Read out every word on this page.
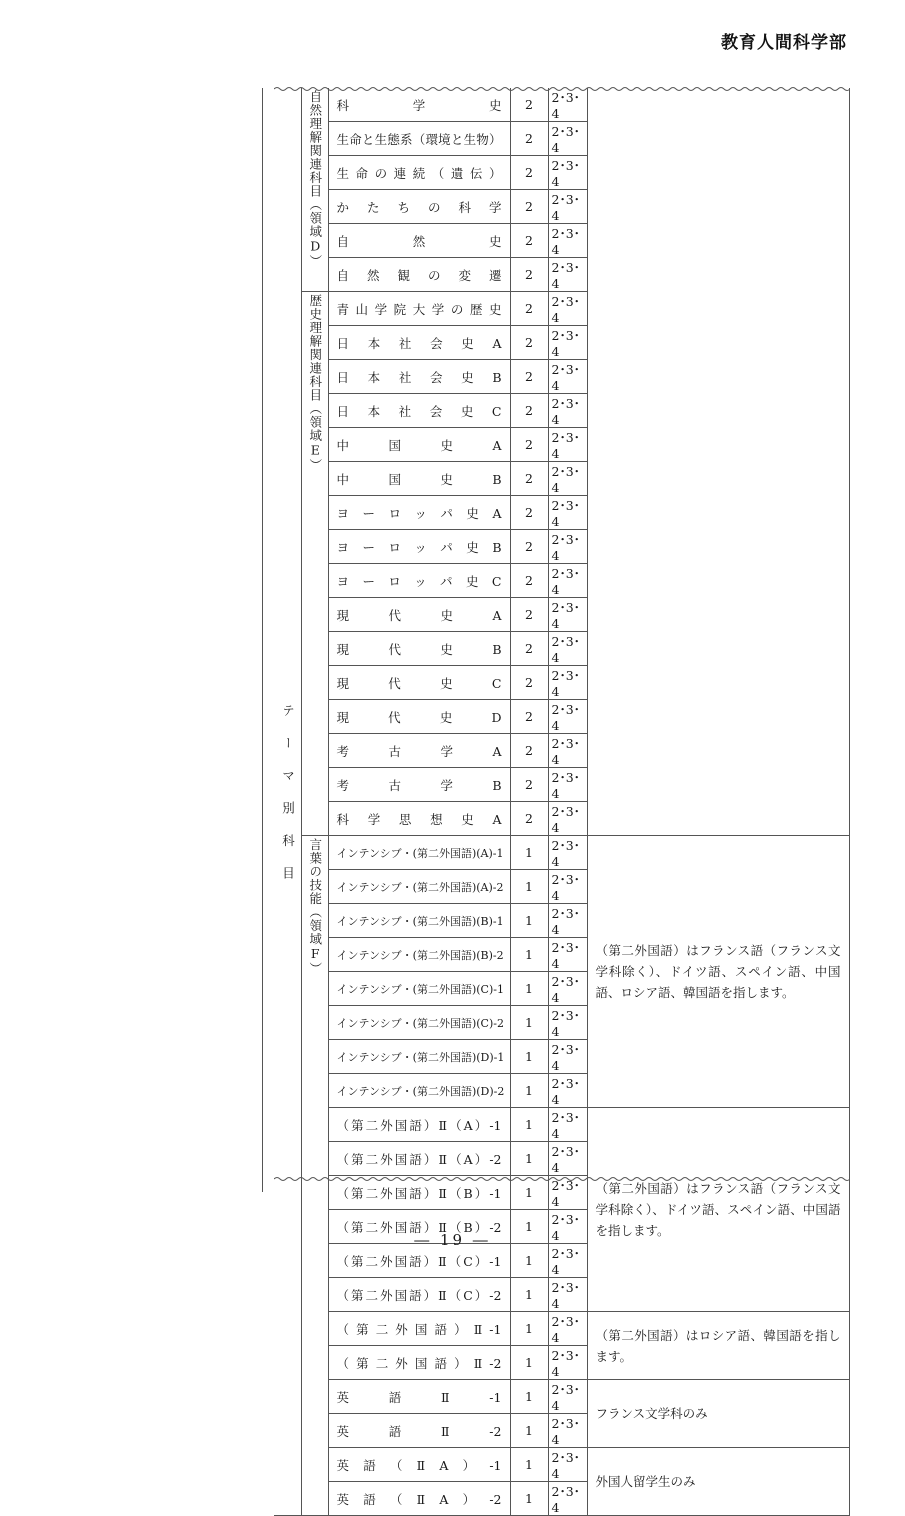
教育人間科学部
テーマ別科目	自然理解関連科目（領域D）	科学史	2	2･3･4	

		生命と生態系（環境と生物）	2	2･3･4	

		生命の連続（遺伝）	2	2･3･4	

		かたちの科学	2	2･3･4	

		自然史	2	2･3･4	

		自然観の変遷	2	2･3･4	

	歴史理解関連科目（領域E）	青山学院大学の歴史	2	2･3･4	

		日本社会史A	2	2･3･4	

		日本社会史B	2	2･3･4	

		日本社会史C	2	2･3･4	

		中国史A	2	2･3･4	

		中国史B	2	2･3･4	

		ヨーロッパ史A	2	2･3･4	

		ヨーロッパ史B	2	2･3･4	

		ヨーロッパ史C	2	2･3･4	

		現代史A	2	2･3･4	

		現代史B	2	2･3･4	

		現代史C	2	2･3･4	

		現代史D	2	2･3･4	

		考古学A	2	2･3･4	

		考古学B	2	2･3･4	

		科学思想史A	2	2･3･4	

	言葉の技能（領域F）	インテンシブ・(第二外国語)(A)-1	1	2･3･4	（第二外国語）はフランス語（フランス文学科除く）、ドイツ語、スペイン語、中国語、ロシア語、韓国語を指します。

		インテンシブ・(第二外国語)(A)-2	1	2･3･4	

		インテンシブ・(第二外国語)(B)-1	1	2･3･4	

		インテンシブ・(第二外国語)(B)-2	1	2･3･4	

		インテンシブ・(第二外国語)(C)-1	1	2･3･4	

		インテンシブ・(第二外国語)(C)-2	1	2･3･4	

		インテンシブ・(第二外国語)(D)-1	1	2･3･4	

		インテンシブ・(第二外国語)(D)-2	1	2･3･4	

		（第二外国語）Ⅱ（A）-1	1	2･3･4	（第二外国語）はフランス語（フランス文学科除く）、ドイツ語、スペイン語、中国語を指します。

		（第二外国語）Ⅱ（A）-2	1	2･3･4	

		（第二外国語）Ⅱ（B）-1	1	2･3･4	

		（第二外国語）Ⅱ（B）-2	1	2･3･4	

		（第二外国語）Ⅱ（C）-1	1	2･3･4	

		（第二外国語）Ⅱ（C）-2	1	2･3･4	

		（第二外国語）Ⅱ-1	1	2･3･4	（第二外国語）はロシア語、韓国語を指します。

		（第二外国語）Ⅱ-2	1	2･3･4	

		英語Ⅱ-1	1	2･3･4	フランス文学科のみ

		英語Ⅱ-2	1	2･3･4	

		英語（ⅡA）-1	1	2･3･4	外国人留学生のみ

		英語（ⅡA）-2	1	2･3･4	
― 19 ―
